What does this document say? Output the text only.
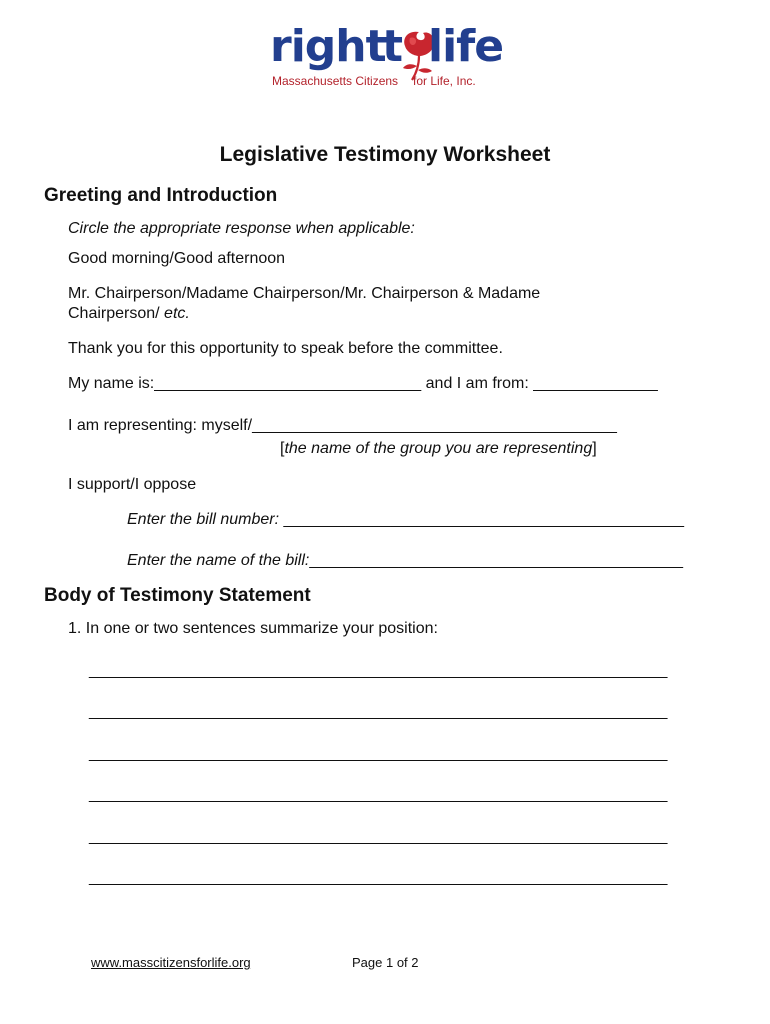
right
t life
Massachusetts Citizens for Life, Inc.
Legislative Testimony Worksheet
Greeting and Introduction
Circle the appropriate response when applicable:
Good morning/Good afternoon
Mr. Chairperson/Madame Chairperson/Mr. Chairperson & Madame
Chairperson/ etc.
Thank you for this opportunity to speak before the committee.
My name is:______________________________ and I am from: ______________
I am representing: myself/_________________________________________
[the name of the group you are representing]
I support/I oppose
Enter the bill number: _____________________________________________
Enter the name of the bill:__________________________________________
Body of Testimony Statement
1. In one or two sentences summarize your position:
_________________________________________________________________
_________________________________________________________________
_________________________________________________________________
_________________________________________________________________
_________________________________________________________________
_________________________________________________________________
www.masscitizensforlife.org	Page 1 of 2
